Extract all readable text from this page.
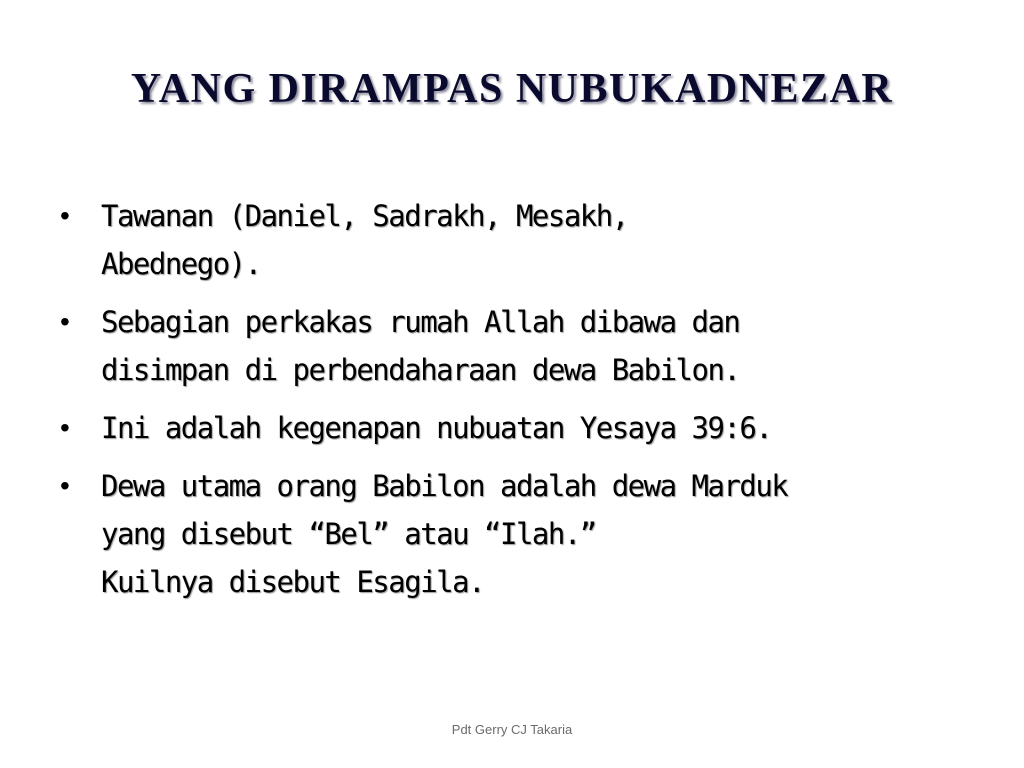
YANG DIRAMPAS NUBUKADNEZAR
• Tawanan (Daniel, Sadrakh, Mesakh,
Abednego).
• Sebagian perkakas rumah Allah dibawa dan
disimpan di perbendaharaan dewa Babilon.
• Ini adalah kegenapan nubuatan Yesaya 39:6.
• Dewa utama orang Babilon adalah dewa Marduk
yang disebut “Bel” atau “Ilah.”
Kuilnya disebut Esagila.
Pdt Gerry CJ Takaria
